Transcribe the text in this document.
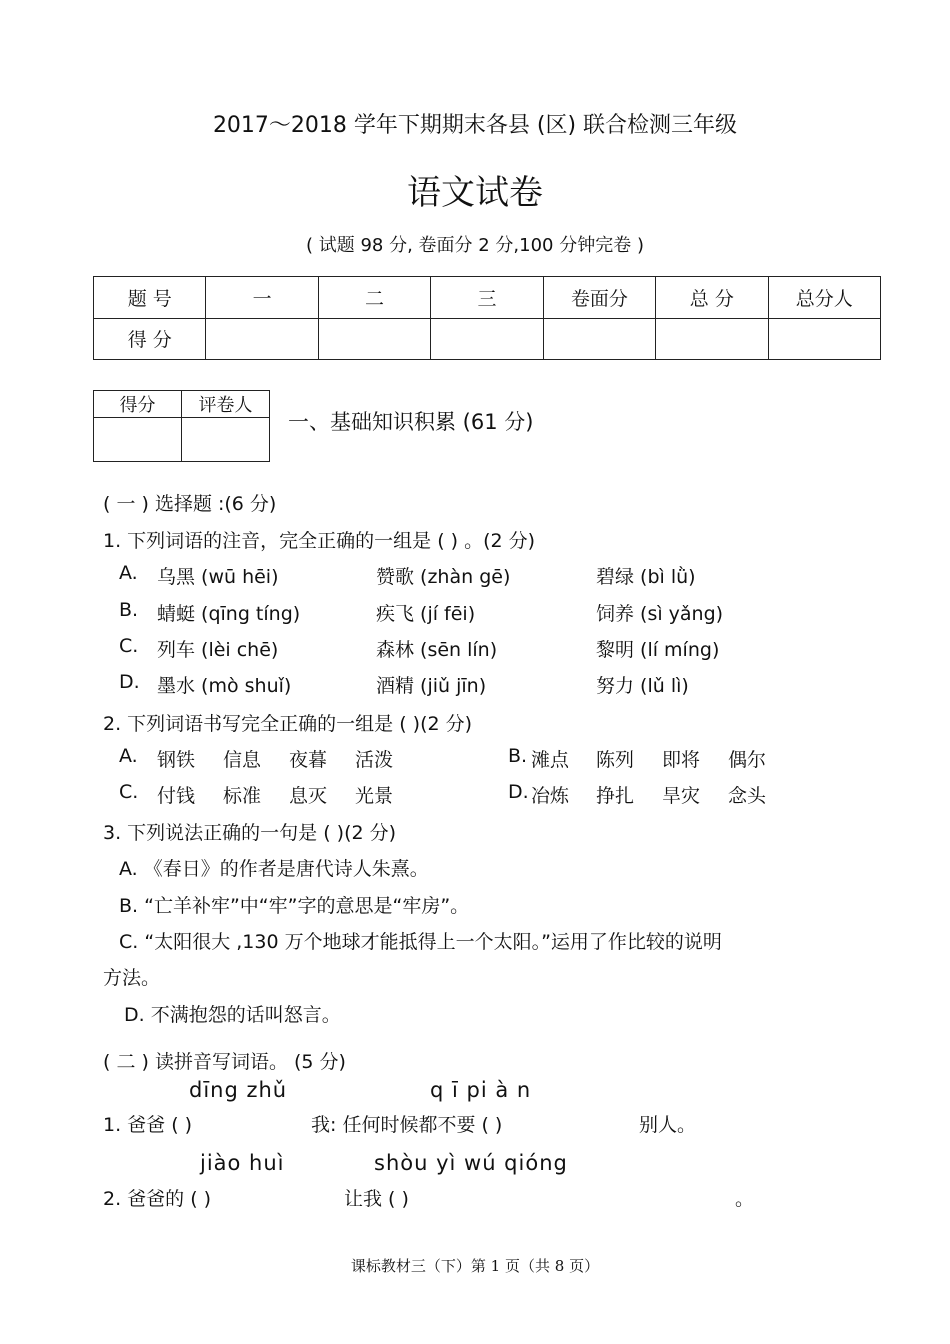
2017～2018 学年下期期末各县 (区) 联合检测三年级
语文试卷
( 试题 98 分, 卷面分 2 分,100 分钟完卷 )
题 号	一	二	三	卷面分	总 分	总分人
得 分						
得分	评卷人

一、基础知识积累 (61 分)
( 一 ) 选择题 :(6 分)
1. 下列词语的注音，完全正确的一组是 ( ) 。(2 分)
A. 乌黑 (wū hēi)	赞歌 (zhàn gē)	碧绿 (bì lǜ)
B. 蜻蜓 (qīng tíng)	疾飞 (jí fēi)	饲养 (sì yǎng)
C. 列车 (lèi chē)	森林 (sēn lín)	黎明 (lí míng)
D. 墨水 (mò shuǐ)	酒精 (jiǔ jīn)	努力 (lǔ lì)
2. 下列词语书写完全正确的一组是 ( )(2 分)
A. 钢铁 信息 夜暮 活泼	B. 滩点 陈列 即将 偶尔
C. 付钱 标准 息灭 光景	D. 冶炼 挣扎 旱灾 念头
3. 下列说法正确的一句是 ( )(2 分)
A. 《春日》的作者是唐代诗人朱熹。
B. “亡羊补牢”中“牢”字的意思是“牢房”。
C. “太阳很大 ,130 万个地球才能抵得上一个太阳。”运用了作比较的说明
方法。
D. 不满抱怨的话叫怒言。
( 二 ) 读拼音写词语。 (5 分)
dīng zhǔ	q ī pi à n
1. 爸爸 ( )	我: 任何时候都不要 ( )	别人。
jiào huì	shòu yì wú qióng
2. 爸爸的 ( )	让我 ( )	。
课标教材三（下）第 1 页（共 8 页）
